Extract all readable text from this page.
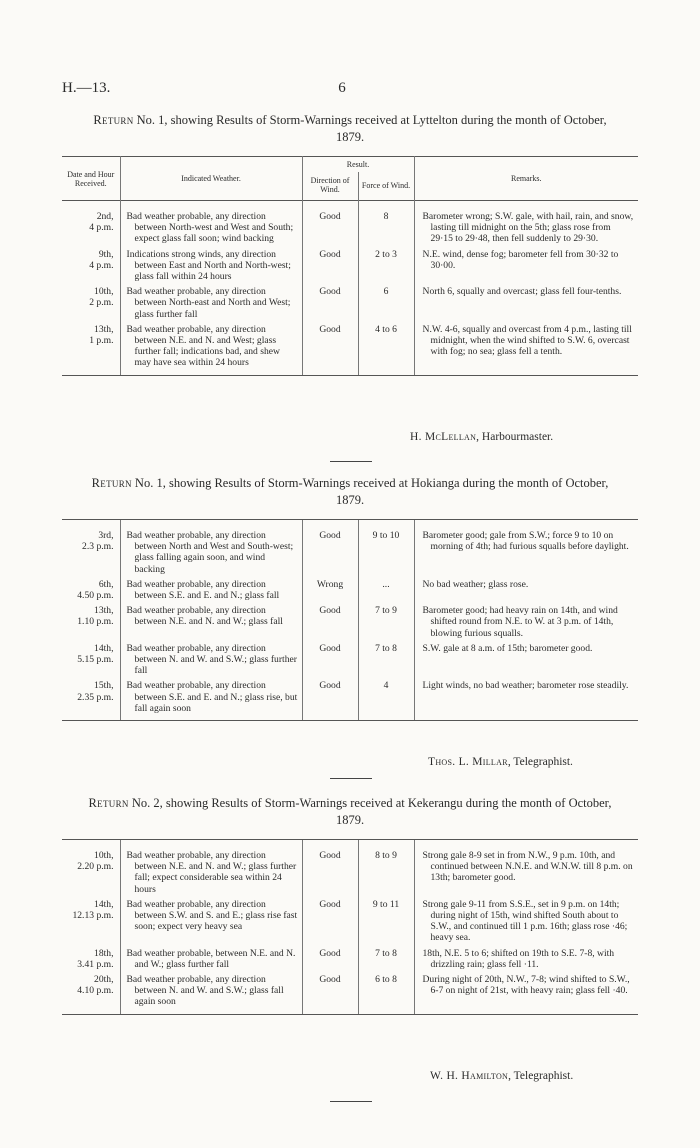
H.—13.	6
Return No. 1, showing Results of Storm-Warnings received at Lyttelton during the month of October, 1879.
Date and Hour Received.	Indicated Weather.	Result.		Remarks.
		Direction of Wind.	Force of Wind.	

2nd,
4 p.m.	Bad weather probable, any direction between North-west and West and South; expect glass fall soon; wind backing	Good	8	Barometer wrong; S.W. gale, with hail, rain, and snow, lasting till midnight on the 5th; glass rose from 29·15 to 29·48, then fell suddenly to 29·30.

9th,
4 p.m.	Indications strong winds, any direction between East and North and North-west; glass fall within 24 hours	Good	2 to 3	N.E. wind, dense fog; barometer fell from 30·32 to 30·00.

10th,
2 p.m.	Bad weather probable, any direction between North-east and North and West; glass further fall	Good	6	North 6, squally and overcast; glass fell four-tenths.

13th,
1 p.m.	Bad weather probable, any direction between N.E. and N. and West; glass further fall; indications bad, and shew may have sea within 24 hours	Good	4 to 6	N.W. 4-6, squally and overcast from 4 p.m., lasting till midnight, when the wind shifted to S.W. 6, overcast with fog; no sea; glass fell a tenth.
H. McLellan, Harbourmaster.
Return No. 1, showing Results of Storm-Warnings received at Hokianga during the month of October, 1879.

3rd,
2.3 p.m.	Bad weather probable, any direction between North and West and South-west; glass falling again soon, and wind backing	Good	9 to 10	Barometer good; gale from S.W.; force 9 to 10 on morning of 4th; had furious squalls before daylight.

6th,
4.50 p.m.	Bad weather probable, any direction between S.E. and E. and N.; glass fall	Wrong	...	No bad weather; glass rose.

13th,
1.10 p.m.	Bad weather probable, any direction between N.E. and N. and W.; glass fall	Good	7 to 9	Barometer good; had heavy rain on 14th, and wind shifted round from N.E. to W. at 3 p.m. of 14th, blowing furious squalls.

14th,
5.15 p.m.	Bad weather probable, any direction between N. and W. and S.W.; glass further fall	Good	7 to 8	S.W. gale at 8 a.m. of 15th; barometer good.

15th,
2.35 p.m.	Bad weather probable, any direction between S.E. and E. and N.; glass rise, but fall again soon	Good	4	Light winds, no bad weather; barometer rose steadily.
Thos. L. Millar, Telegraphist.
Return No. 2, showing Results of Storm-Warnings received at Kekerangu during the month of October, 1879.

10th,
2.20 p.m.	Bad weather probable, any direction between N.E. and N. and W.; glass further fall; expect considerable sea within 24 hours	Good	8 to 9	Strong gale 8-9 set in from N.W., 9 p.m. 10th, and continued between N.N.E. and W.N.W. till 8 p.m. on 13th; barometer good.

14th,
12.13 p.m.	Bad weather probable, any direction between S.W. and S. and E.; glass rise fast soon; expect very heavy sea	Good	9 to 11	Strong gale 9-11 from S.S.E., set in 9 p.m. on 14th; during night of 15th, wind shifted South about to S.W., and continued till 1 p.m. 16th; glass rose ·46; heavy sea.

18th,
3.41 p.m.	Bad weather probable, between N.E. and N. and W.; glass further fall	Good	7 to 8	18th, N.E. 5 to 6; shifted on 19th to S.E. 7-8, with drizzling rain; glass fell ·11.

20th,
4.10 p.m.	Bad weather probable, any direction between N. and W. and S.W.; glass fall again soon	Good	6 to 8	During night of 20th, N.W., 7-8; wind shifted to S.W., 6-7 on night of 21st, with heavy rain; glass fell ·40.
W. H. Hamilton, Telegraphist.
